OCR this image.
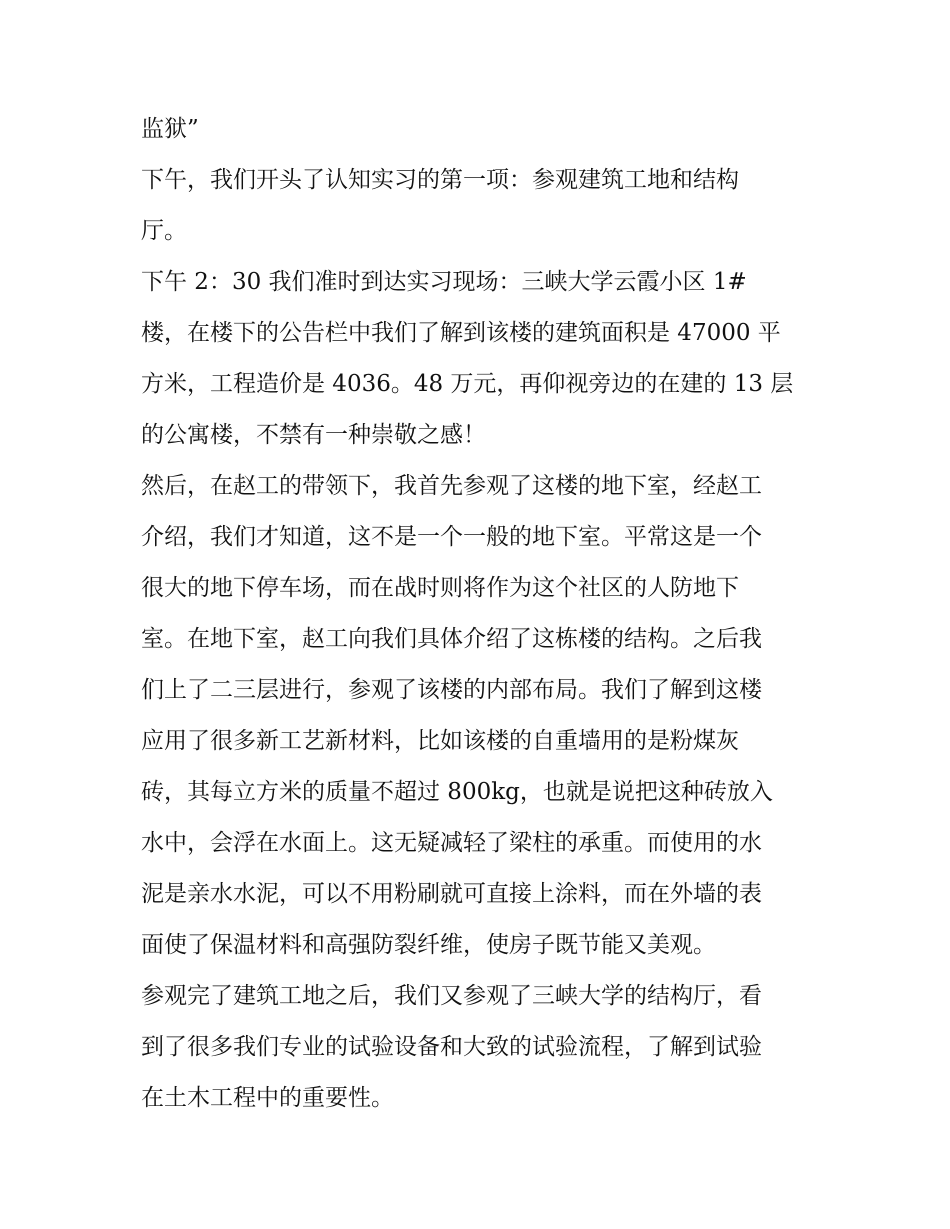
监狱”
下午，我们开头了认知实习的第一项：参观建筑工地和结构
厅。
下午 2：30 我们准时到达实习现场：三峡大学云霞小区 1#
楼，在楼下的公告栏中我们了解到该楼的建筑面积是 47000 平
方米，工程造价是 4036。48 万元，再仰视旁边的在建的 13 层
的公寓楼，不禁有一种崇敬之感！
然后，在赵工的带领下，我首先参观了这楼的地下室，经赵工
介绍，我们才知道，这不是一个一般的地下室。平常这是一个
很大的地下停车场，而在战时则将作为这个社区的人防地下
室。在地下室，赵工向我们具体介绍了这栋楼的结构。之后我
们上了二三层进行，参观了该楼的内部布局。我们了解到这楼
应用了很多新工艺新材料，比如该楼的自重墙用的是粉煤灰
砖，其每立方米的质量不超过 800kg，也就是说把这种砖放入
水中，会浮在水面上。这无疑减轻了梁柱的承重。而使用的水
泥是亲水水泥，可以不用粉刷就可直接上涂料，而在外墙的表
面使了保温材料和高强防裂纤维，使房子既节能又美观。
参观完了建筑工地之后，我们又参观了三峡大学的结构厅，看
到了很多我们专业的试验设备和大致的试验流程，了解到试验
在土木工程中的重要性。
